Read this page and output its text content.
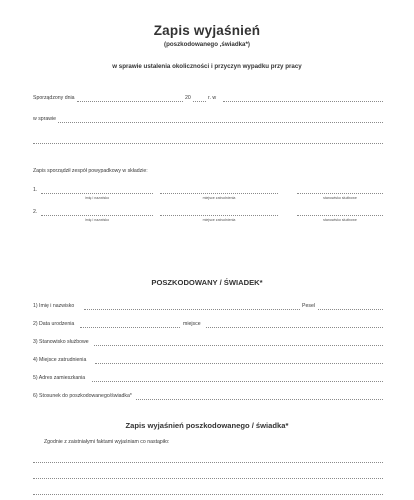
Zapis wyjaśnień
(poszkodowanego ,świadka*)
w sprawie ustalenia okoliczności i przyczyn wypadku przy pracy
Sporządzony dnia	20	r. w
w sprawie
Zapis sporządził zespół powypadkowy w składzie:
1.
imię i nazwisko	miejsce zatrudnienia	stanowisko służbowe
2.
imię i nazwisko	miejsce zatrudnienia	stanowisko służbowe
POSZKODOWANY / ŚWIADEK*
1) Imię i nazwisko	Pesel
2) Data urodzenia	miejsce
3) Stanowisko służbowe
4) Miejsce zatrudnienia
5) Adres zamieszkania
6) Stosunek do poszkodowanego/świadka*
Zapis wyjaśnień poszkodowanego / świadka*
Zgodnie z zaistniałymi faktami wyjaśniam co nastąpiło:
